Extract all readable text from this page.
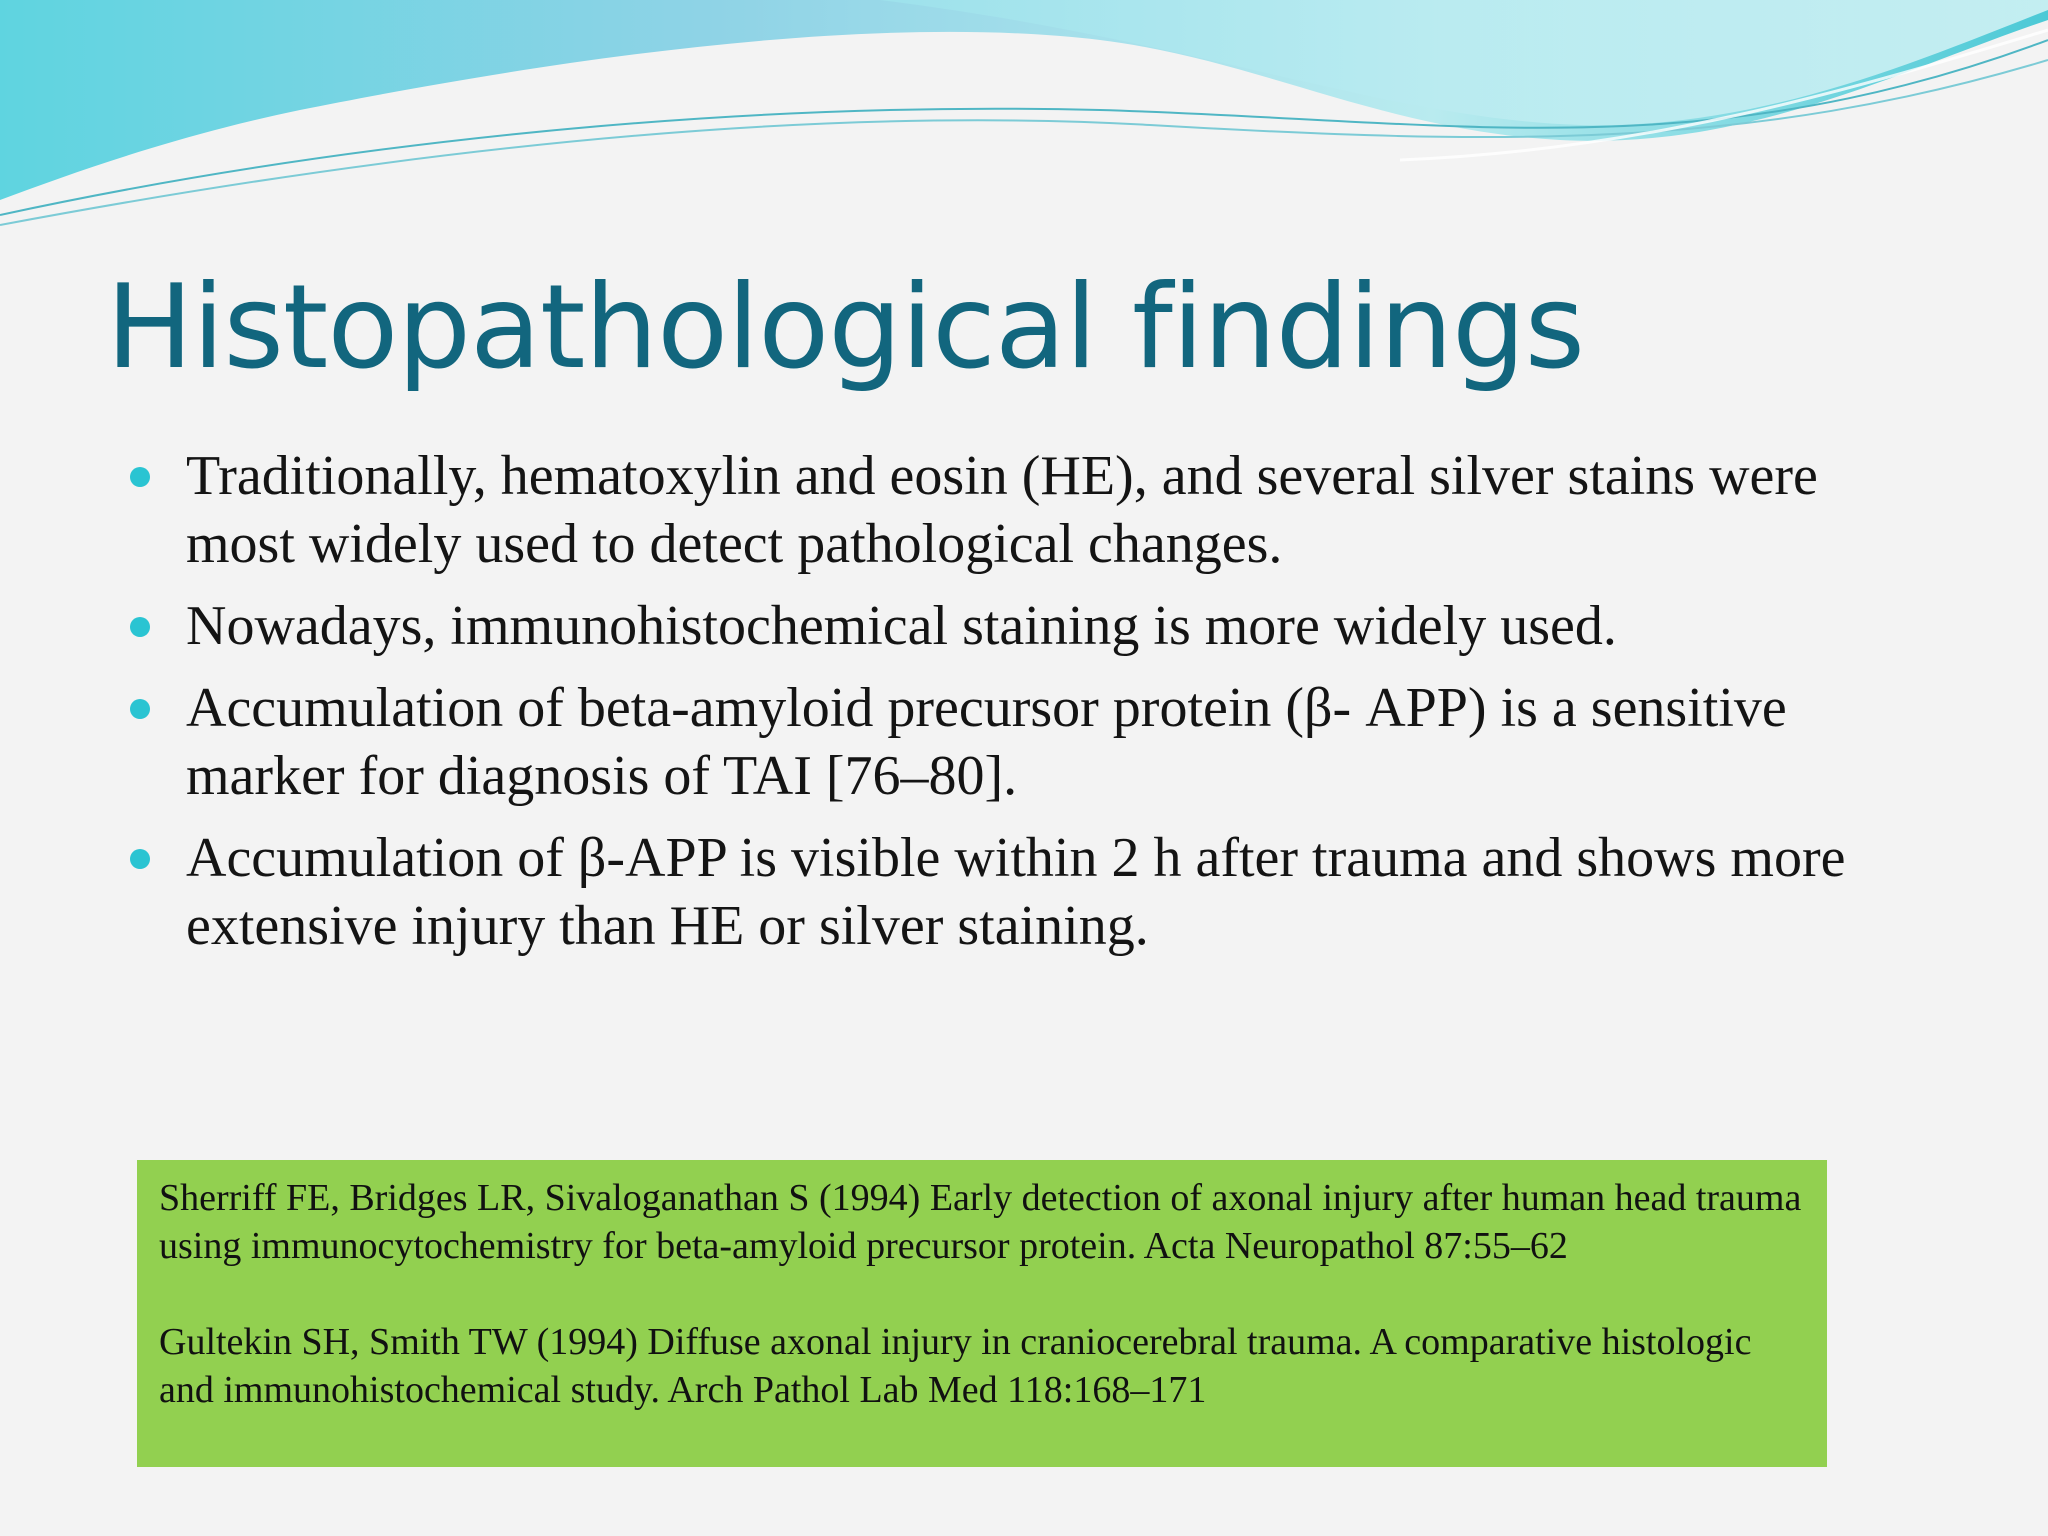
Histopathological findings
Traditionally, hematoxylin and eosin (HE), and several silver stains were most widely used to detect pathological changes.
Nowadays, immunohistochemical staining is more widely used.
Accumulation of beta-amyloid precursor protein (β- APP) is a sensitive marker for diagnosis of TAI [76–80].
Accumulation of β-APP is visible within 2 h after trauma and shows more extensive injury than HE or silver staining.

Sherriff FE, Bridges LR, Sivaloganathan S (1994) Early detection of axonal injury after human head trauma using immunocytochemistry for beta-amyloid precursor protein. Acta Neuropathol 87:55–62

Gultekin SH, Smith TW (1994) Diffuse axonal injury in craniocerebral trauma. A comparative histologic and immunohistochemical study. Arch Pathol Lab Med 118:168–171
